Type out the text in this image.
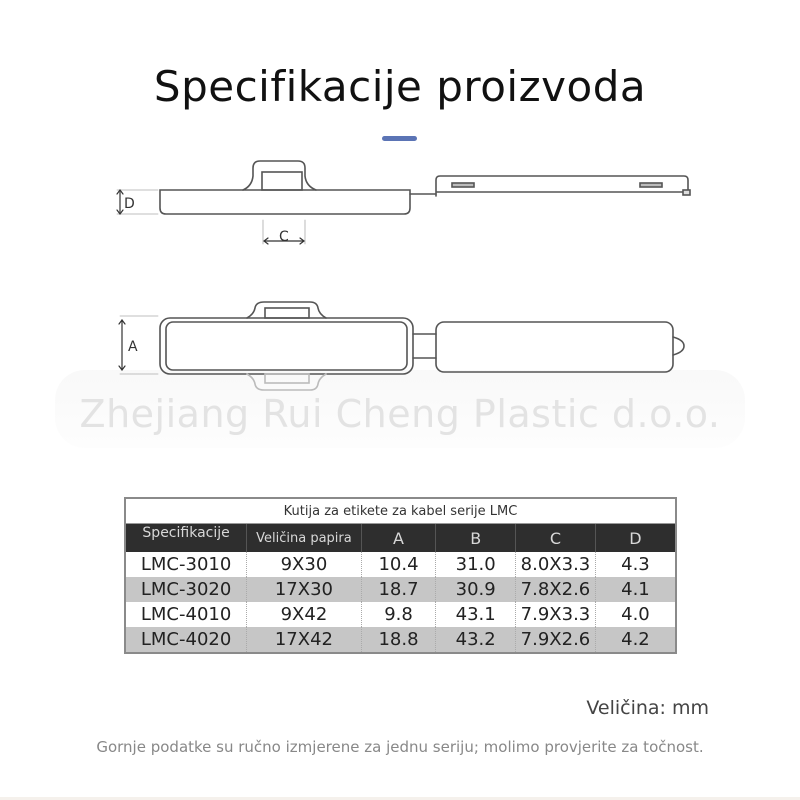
Specifikacije proizvoda
D
C
A
Zhejiang Rui Cheng Plastic d.o.o.
Kutija za etikete za kabel serije LMC					
Specifikacije	Veličina papira	A	B	C	D
LMC-3010	9X30	10.4	31.0	8.0X3.3	4.3
LMC-3020	17X30	18.7	30.9	7.8X2.6	4.1
LMC-4010	9X42	9.8	43.1	7.9X3.3	4.0
LMC-4020	17X42	18.8	43.2	7.9X2.6	4.2
Veličina: mm
Gornje podatke su ručno izmjerene za jednu seriju; molimo provjerite za točnost.
